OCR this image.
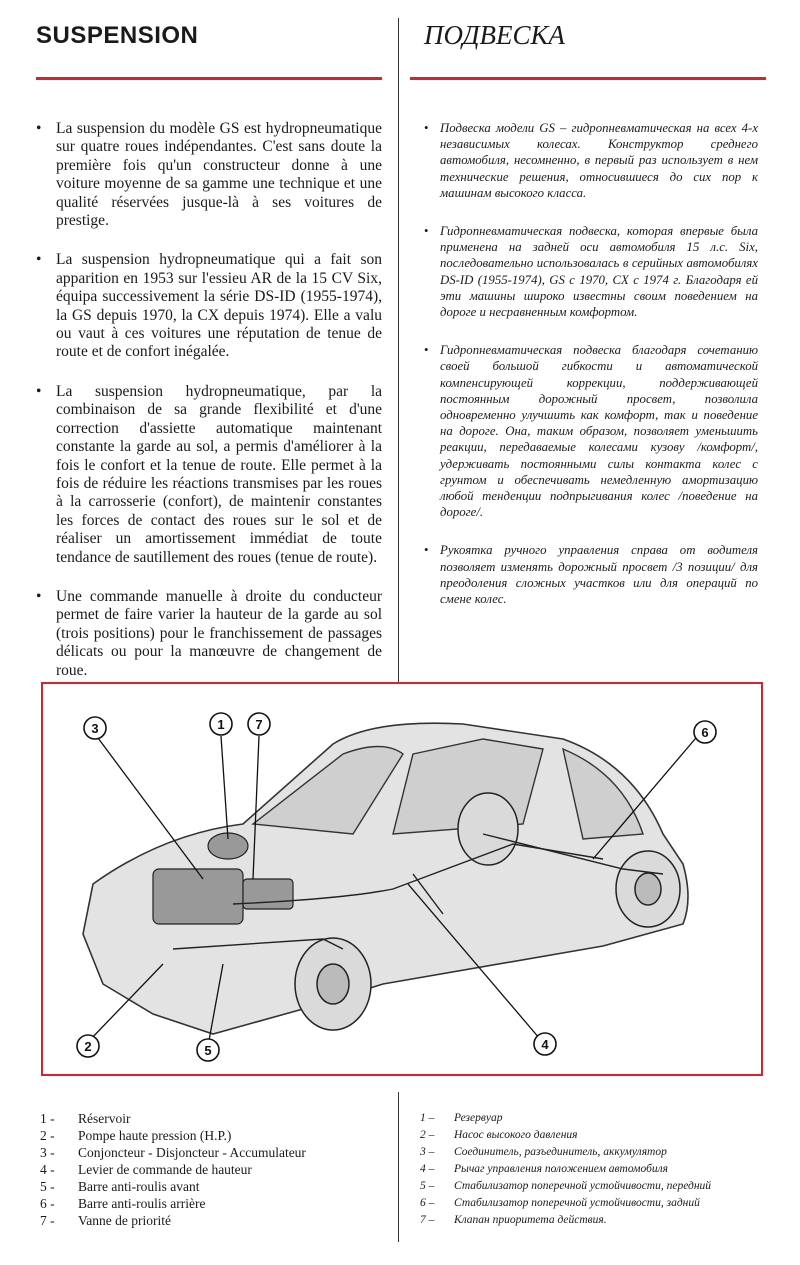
SUSPENSION	ПОДВЕСКА

• La suspension du modèle GS est hydropneumatique sur quatre roues indépendantes. C'est sans doute la première fois qu'un constructeur donne à une voiture moyenne de sa gamme une technique et une qualité réservées jusque-là à ses voitures de prestige.

• La suspension hydropneumatique qui a fait son apparition en 1953 sur l'essieu AR de la 15 CV Six, équipa successivement la série DS-ID (1955-1974), la GS depuis 1970, la CX depuis 1974). Elle a valu ou vaut à ces voitures une réputation de tenue de route et de confort inégalée.

• La suspension hydropneumatique, par la combinaison de sa grande flexibilité et d'une correction d'assiette automatique maintenant constante la garde au sol, a permis d'améliorer à la fois le confort et la tenue de route. Elle permet à la fois de réduire les réactions transmises par les roues à la carrosserie (confort), de maintenir constantes les forces de contact des roues sur le sol et de réaliser un amortissement immédiat de toute tendance de sautillement des roues (tenue de route).

• Une commande manuelle à droite du conducteur permet de faire varier la hauteur de la garde au sol (trois positions) pour le franchissement de passages délicats ou pour la manœuvre de changement de roue.

• Подвеска модели GS – гидропневматическая на всех 4-х независимых колесах. Конструктор среднего автомобиля, несомненно, в первый раз использует в нем технические решения, относившиеся до сих пор к машинам высокого класса.

• Гидропневматическая подвеска, которая впервые была применена на задней оси автомобиля 15 л.с. Six, последовательно использовалась в серийных автомобилях DS-ID (1955-1974), GS с 1970, CX с 1974 г. Благодаря ей эти машины широко известны своим поведением на дороге и несравненным комфортом.

• Гидропневматическая подвеска благодаря сочетанию своей большой гибкости и автоматической компенсирующей коррекции, поддерживающей постоянным дорожный просвет, позволила одновременно улучшить как комфорт, так и поведение на дороге. Она, таким образом, позволяет уменьшить реакции, передаваемые колесами кузову /комфорт/, удерживать постоянными силы контакта колес с грунтом и обеспечивать немедленную амортизацию любой тенденции подпрыгивания колес /поведение на дороге/.

• Рукоятка ручного управления справа от водителя позволяет изменять дорожный просвет /3 позиции/ для преодоления сложных участков или для операций по смене колес.

3	1 7
2	5	4
6
1 -	Réservoir
2 -	Pompe haute pression (H.P.)
3 -	Conjoncteur - Disjoncteur - Accumulateur
4 -	Levier de commande de hauteur
5 -	Barre anti-roulis avant
6 -	Barre anti-roulis arrière
7 -	Vanne de priorité
1 –	Резервуар
2 –	Насос высокого давления
3 –	Соединитель, разъединитель, аккумулятор
4 –	Рычаг управления положением автомобиля
5 –	Стабилизатор поперечной устойчивости, передний
6 –	Стабилизатор поперечной устойчивости, задний
7 –	Клапан приоритета действия.
